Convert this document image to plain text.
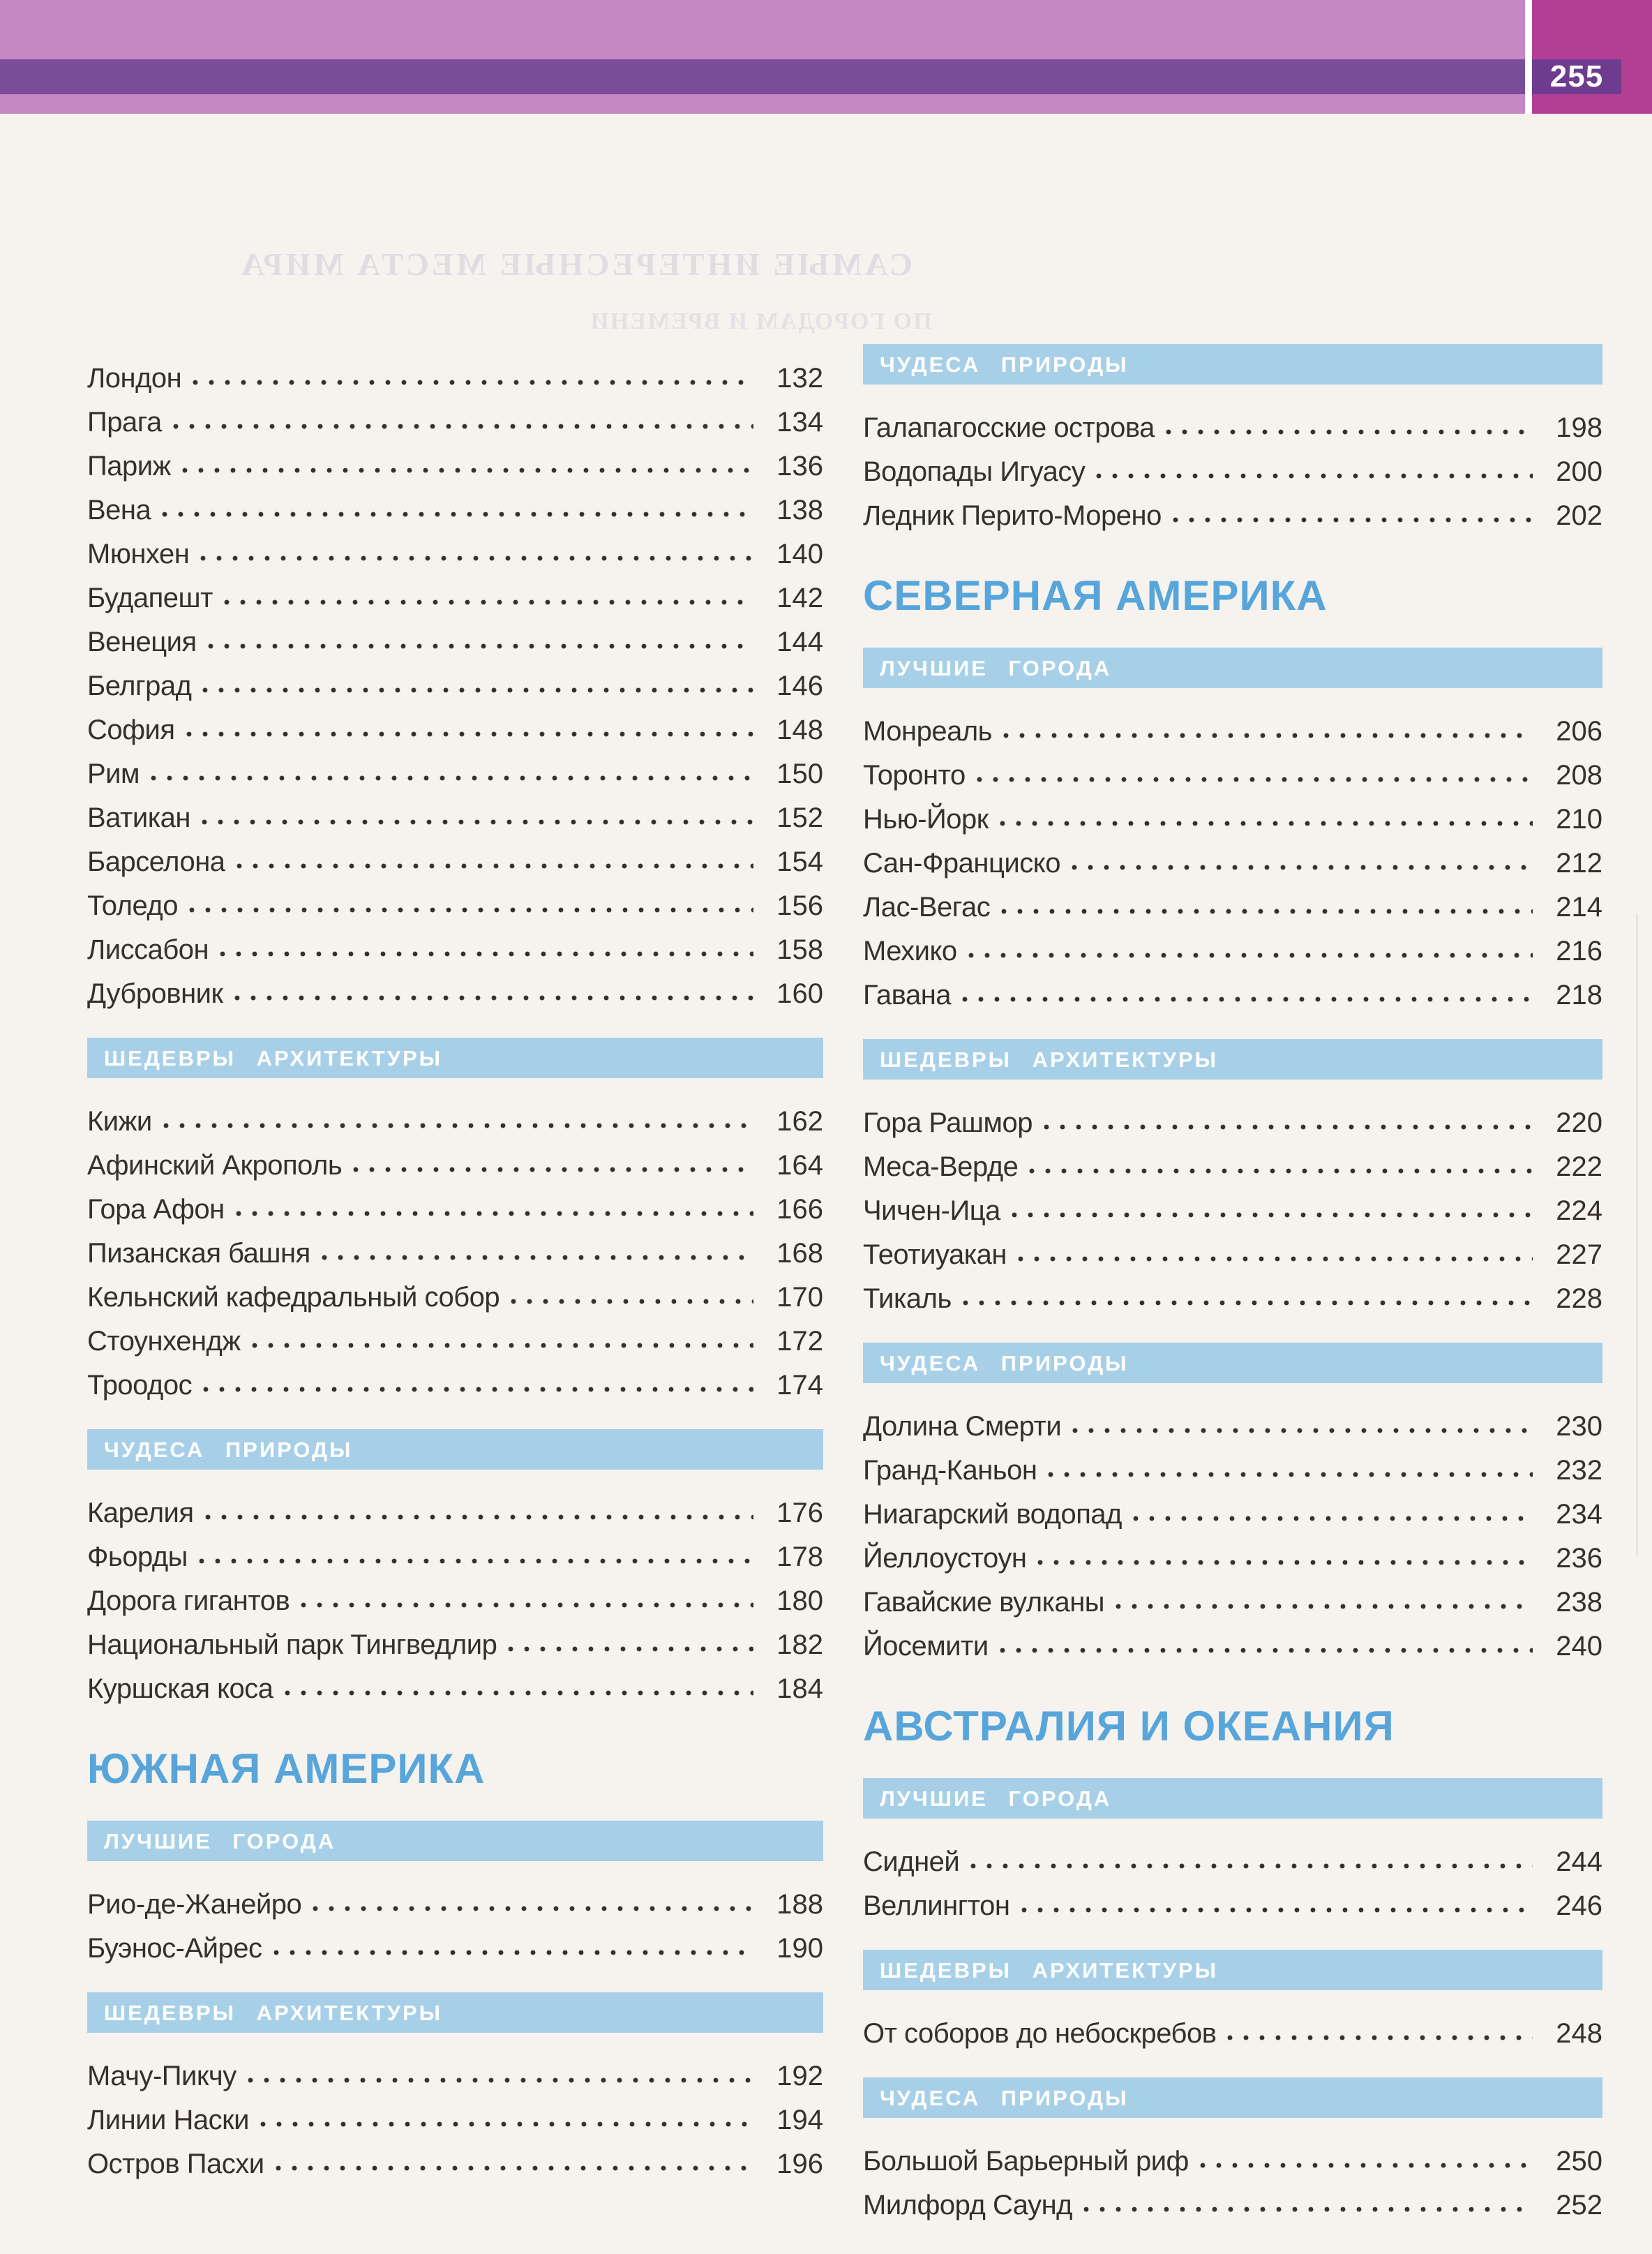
255
САМЫЕ ИНТЕРЕСНЫЕ МЕСТА МИРА
ПО ГОРОДАМ И ВРЕМЕНИ
Лондон	132
Прага	134
Париж	136
Вена	138
Мюнхен	140
Будапешт	142
Венеция	144
Белград	146
София	148
Рим	150
Ватикан	152
Барселона	154
Толедо	156
Лиссабон	158
Дубровник	160
ШЕДЕВРЫ АРХИТЕКТУРЫ
Кижи	162
Афинский Акрополь	164
Гора Афон	166
Пизанская башня	168
Кельнский кафедральный собор	170
Стоунхендж	172
Троодос	174
ЧУДЕСА ПРИРОДЫ
Карелия	176
Фьорды	178
Дорога гигантов	180
Национальный парк Тингведлир	182
Куршская коса	184
ЮЖНАЯ АМЕРИКА
ЛУЧШИЕ ГОРОДА
Рио-де-Жанейро	188
Буэнос-Айрес	190
ШЕДЕВРЫ АРХИТЕКТУРЫ
Мачу-Пикчу	192
Линии Наски	194
Остров Пасхи	196
ЧУДЕСА ПРИРОДЫ
Галапагосские острова	198
Водопады Игуасу	200
Ледник Перито-Морено	202
СЕВЕРНАЯ АМЕРИКА
ЛУЧШИЕ ГОРОДА
Монреаль	206
Торонто	208
Нью-Йорк	210
Сан-Франциско	212
Лас-Вегас	214
Мехико	216
Гавана	218
ШЕДЕВРЫ АРХИТЕКТУРЫ
Гора Рашмор	220
Меса-Верде	222
Чичен-Ица	224
Теотиуакан	227
Тикаль	228
ЧУДЕСА ПРИРОДЫ
Долина Смерти	230
Гранд-Каньон	232
Ниагарский водопад	234
Йеллоустоун	236
Гавайские вулканы	238
Йосемити	240
АВСТРАЛИЯ И ОКЕАНИЯ
ЛУЧШИЕ ГОРОДА
Сидней	244
Веллингтон	246
ШЕДЕВРЫ АРХИТЕКТУРЫ
От соборов до небоскребов	248
ЧУДЕСА ПРИРОДЫ
Большой Барьерный риф	250
Милфорд Саунд	252
